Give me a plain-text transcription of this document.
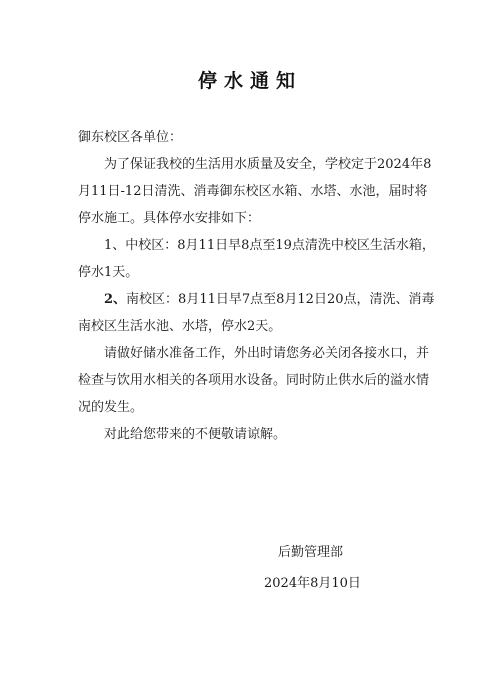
停水通知

御东校区各单位：

为了保证我校的生活用水质量及安全，学校定于2024年8月11日-12日清洗、消毒御东校区水箱、水塔、水池，届时将停水施工。具体停水安排如下：

1、中校区：8月11日早8点至19点清洗中校区生活水箱，停水1天。

2、南校区：8月11日早7点至8月12日20点，清洗、消毒南校区生活水池、水塔，停水2天。

请做好储水准备工作，外出时请您务必关闭各接水口，并检查与饮用水相关的各项用水设备。同时防止供水后的溢水情况的发生。

对此给您带来的不便敬请谅解。

后勤管理部
2024年8月10日
